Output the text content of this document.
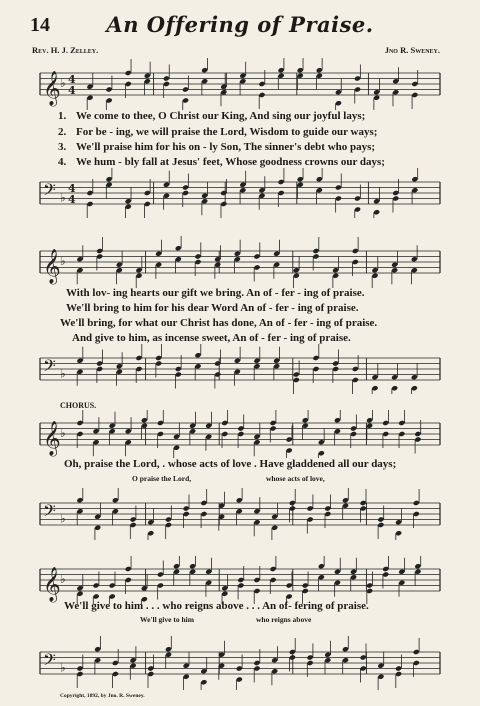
14	An Offering of Praise.
Rev. H. J. Zelley.	Jno R. Sweney.
𝄞 ♭ 4
4
1. We come to thee, O Christ our King, And sing our joyful lays;
2. For be - ing, we will praise the Lord, Wisdom to guide our ways;
3. We'll praise him for his on - ly Son, The sinner's debt who pays;
4. We hum - bly fall at Jesus' feet, Whose goodness crowns our days;
𝄢 ♭
4
4
𝄞 ♭
With lov- ing hearts our gift we bring. An of - fer - ing of praise.
We'll bring to him for his dear Word An of - fer - ing of praise.
We'll bring, for what our Christ has done, An of - fer - ing of praise.
And give to him, as incense sweet, An of - fer - ing of praise.
𝄢 ♭
CHORUS.
𝄞 ♭
Oh, praise the Lord, . whose acts of love . Have gladdened all our days;
O praise the Lord,	whose acts of love,
𝄢 ♭
𝄞 ♭
We'll give to him . . . who reigns above . . . An of- fering of praise.
We'll give to him	who reigns above
𝄢 ♭
Copyright, 1892, by Jno. R. Sweney.
